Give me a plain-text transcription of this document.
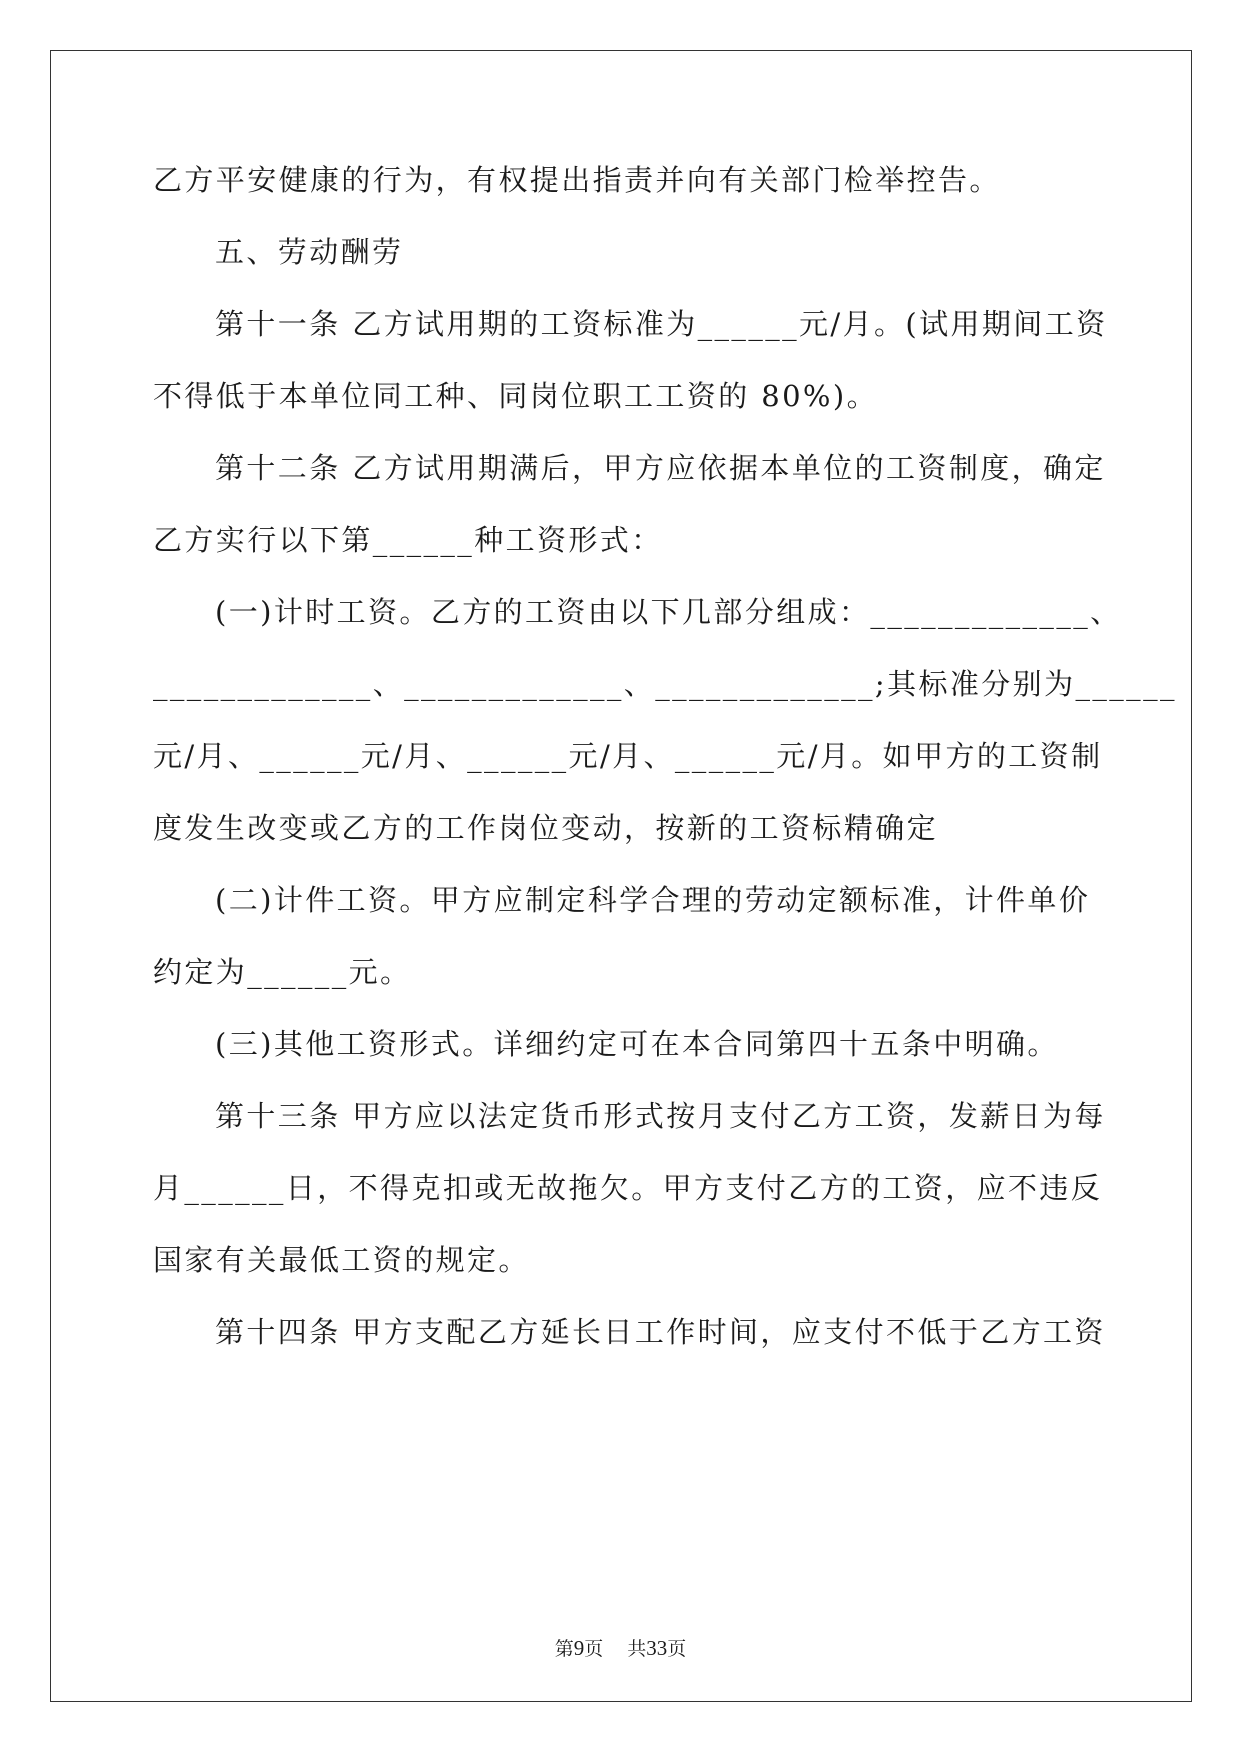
乙方平安健康的行为，有权提出指责并向有关部门检举控告。
五、劳动酬劳
第十一条 乙方试用期的工资标准为______元/月。(试用期间工资
不得低于本单位同工种、同岗位职工工资的 80%)。
第十二条 乙方试用期满后，甲方应依据本单位的工资制度，确定
乙方实行以下第______种工资形式：
(一)计时工资。乙方的工资由以下几部分组成：_____________、
_____________、_____________、_____________;其标准分别为______
元/月、______元/月、______元/月、______元/月。如甲方的工资制
度发生改变或乙方的工作岗位变动，按新的工资标精确定
(二)计件工资。甲方应制定科学合理的劳动定额标准，计件单价
约定为______元。
(三)其他工资形式。详细约定可在本合同第四十五条中明确。
第十三条 甲方应以法定货币形式按月支付乙方工资，发薪日为每
月______日，不得克扣或无故拖欠。甲方支付乙方的工资，应不违反
国家有关最低工资的规定。
第十四条 甲方支配乙方延长日工作时间，应支付不低于乙方工资
第9页 共33页
